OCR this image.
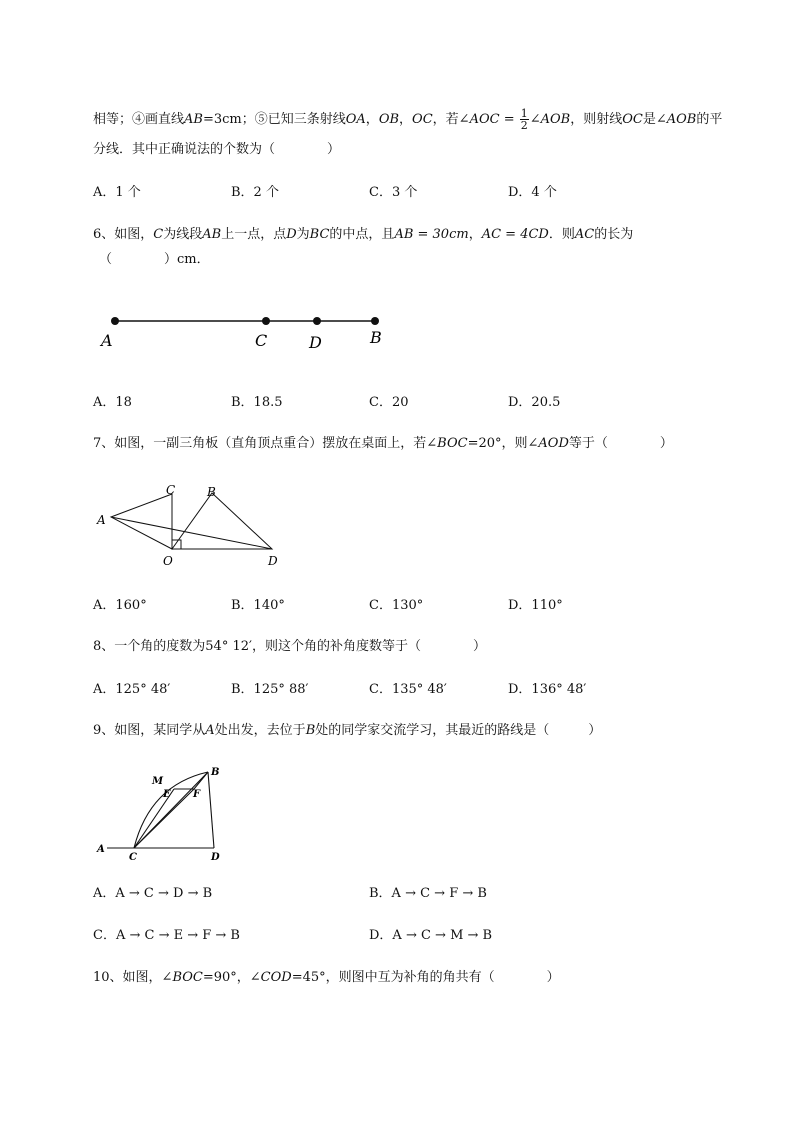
相等；④画直线AB=3cm；⑤已知三条射线OA，OB，OC，若∠AOC = $\frac{1}{2}$ ∠AOB，则射线OC是∠AOB的平
分线．其中正确说法的个数为（　　　　）
A．1 个	B．2 个	C．3 个	D．4 个
6、如图，C为线段AB上一点，点D为BC的中点，且AB = 30cm，AC = 4CD．则AC的长为
（　　　　）cm．
A	C	D	B
A．18	B．18.5	C．20	D．20.5
7、如图，一副三角板（直角顶点重合）摆放在桌面上，若∠BOC=20°，则∠AOD等于（　　　　）
C	B
A
O	D
A．160°	B．140°	C．130°	D．110°
8、一个角的度数为54° 12′，则这个角的补角度数等于（　　　　）
A．125° 48′	B．125° 88′	C．135° 48′	D．136° 48′
9、如图，某同学从A处出发，去位于B处的同学家交流学习，其最近的路线是（　　　）
M
B
E F
A
C	D
A．A → C → D → B	B．A → C → F → B
C．A → C → E → F → B	D．A → C → M → B
10、如图，∠BOC=90°，∠COD=45°，则图中互为补角的角共有（　　　　）
